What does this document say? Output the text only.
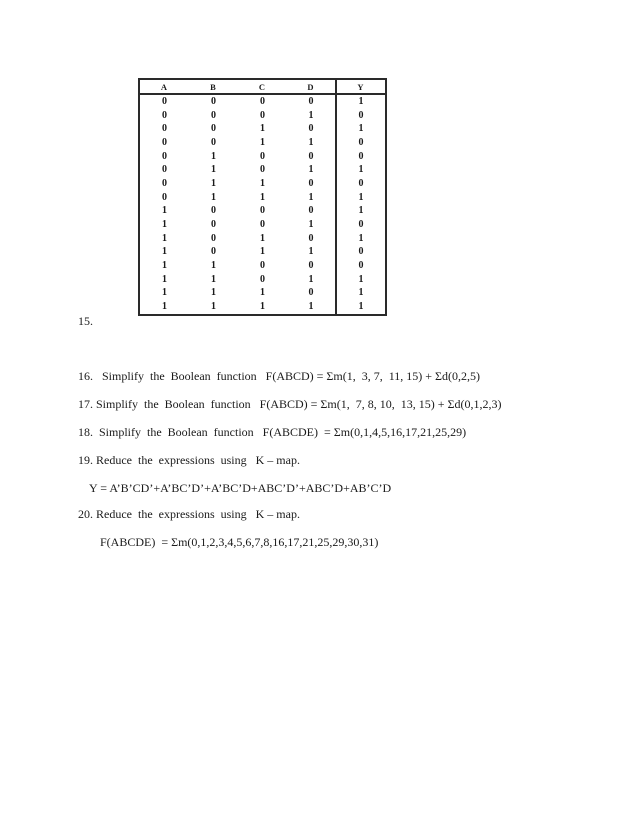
A	B	C	D	Y
0	0	0	0	1
0	0	0	1	0
0	0	1	0	1
0	0	1	1	0
0	1	0	0	0
0	1	0	1	1
0	1	1	0	0
0	1	1	1	1
1	0	0	0	1
1	0	0	1	0
1	0	1	0	1
1	0	1	1	0
1	1	0	0	0
1	1	0	1	1
1	1	1	0	1
1	1	1	1	1
15.
16.   Simplify  the  Boolean  function   F(ABCD) = Σm(1,  3, 7,  11, 15) + Σd(0,2,5)
17. Simplify  the  Boolean  function   F(ABCD) = Σm(1,  7, 8, 10,  13, 15) + Σd(0,1,2,3)
18.  Simplify  the  Boolean  function   F(ABCDE)  = Σm(0,1,4,5,16,17,21,25,29)
19. Reduce  the  expressions  using   K – map.
Y = A’B’CD’+A’BC’D’+A’BC’D+ABC’D’+ABC’D+AB’C’D
20. Reduce  the  expressions  using   K – map.
F(ABCDE)  = Σm(0,1,2,3,4,5,6,7,8,16,17,21,25,29,30,31)
